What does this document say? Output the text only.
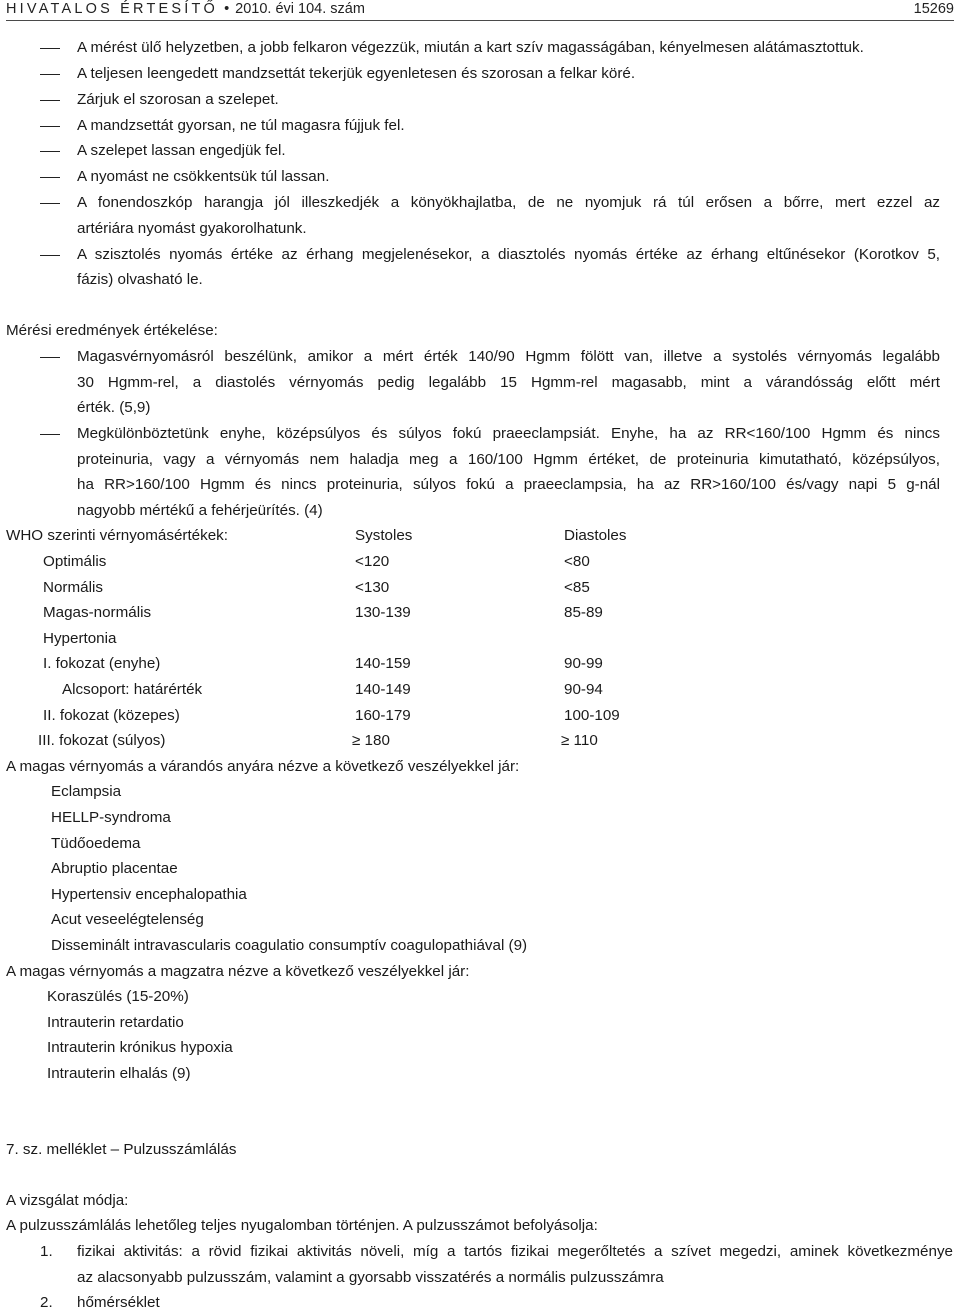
HIVATALOS ÉRTESÍTŐ • 2010. évi 104. szám	15269
A mérést ülő helyzetben, a jobb felkaron végezzük, miután a kart szív magasságában, kényelmesen alátámasztottuk.
A teljesen leengedett mandzsettát tekerjük egyenletesen és szorosan a felkar köré.
Zárjuk el szorosan a szelepet.
A mandzsettát gyorsan, ne túl magasra fújjuk fel.
A szelepet lassan engedjük fel.
A nyomást ne csökkentsük túl lassan.
A fonendoszkóp harangja jól illeszkedjék a könyökhajlatba, de ne nyomjuk rá túl erősen a bőrre, mert ezzel az
artériára nyomást gyakorolhatunk.
A szisztolés nyomás értéke az érhang megjelenésekor, a diasztolés nyomás értéke az érhang eltűnésekor (Korotkov 5,
fázis) olvasható le.
Mérési eredmények értékelése:
Magasvérnyomásról beszélünk, amikor a mért érték 140/90 Hgmm fölött van, illetve a systolés vérnyomás legalább
30 Hgmm-rel, a diastolés vérnyomás pedig legalább 15 Hgmm-rel magasabb, mint a várandósság előtt mért
érték. (5,9)
Megkülönböztetünk enyhe, középsúlyos és súlyos fokú praeeclampsiát. Enyhe, ha az RR<160/100 Hgmm és nincs
proteinuria, vagy a vérnyomás nem haladja meg a 160/100 Hgmm értéket, de proteinuria kimutatható, középsúlyos,
ha RR>160/100 Hgmm és nincs proteinuria, súlyos fokú a praeeclampsia, ha az RR>160/100 és/vagy napi 5 g-nál
nagyobb mértékű a fehérjeürítés. (4)
WHO szerinti vérnyomásértékek:	Systoles	Diastoles
Optimális	<120	<80
Normális	<130	<85
Magas-normális	130-139	85-89
Hypertonia
I. fokozat (enyhe)	140-159	90-99
Alcsoport: határérték	140-149	90-94
II. fokozat (közepes)	160-179	100-109
III. fokozat (súlyos)	≥ 180	≥ 110
A magas vérnyomás a várandós anyára nézve a következő veszélyekkel jár:
Eclampsia
HELLP-syndroma
Tüdőoedema
Abruptio placentae
Hypertensiv encephalopathia
Acut veseelégtelenség
Disseminált intravascularis coagulatio consumptív coagulopathiával (9)
A magas vérnyomás a magzatra nézve a következő veszélyekkel jár:
Koraszülés (15-20%)
Intrauterin retardatio
Intrauterin krónikus hypoxia
Intrauterin elhalás (9)
7. sz. melléklet – Pulzusszámlálás
A vizsgálat módja:
A pulzusszámlálás lehetőleg teljes nyugalomban történjen. A pulzusszámot befolyásolja:
1. fizikai aktivitás: a rövid fizikai aktivitás növeli, míg a tartós fizikai megerőltetés a szívet megedzi, aminek következménye
az alacsonyabb pulzusszám, valamint a gyorsabb visszatérés a normális pulzusszámra
2. hőmérséklet
